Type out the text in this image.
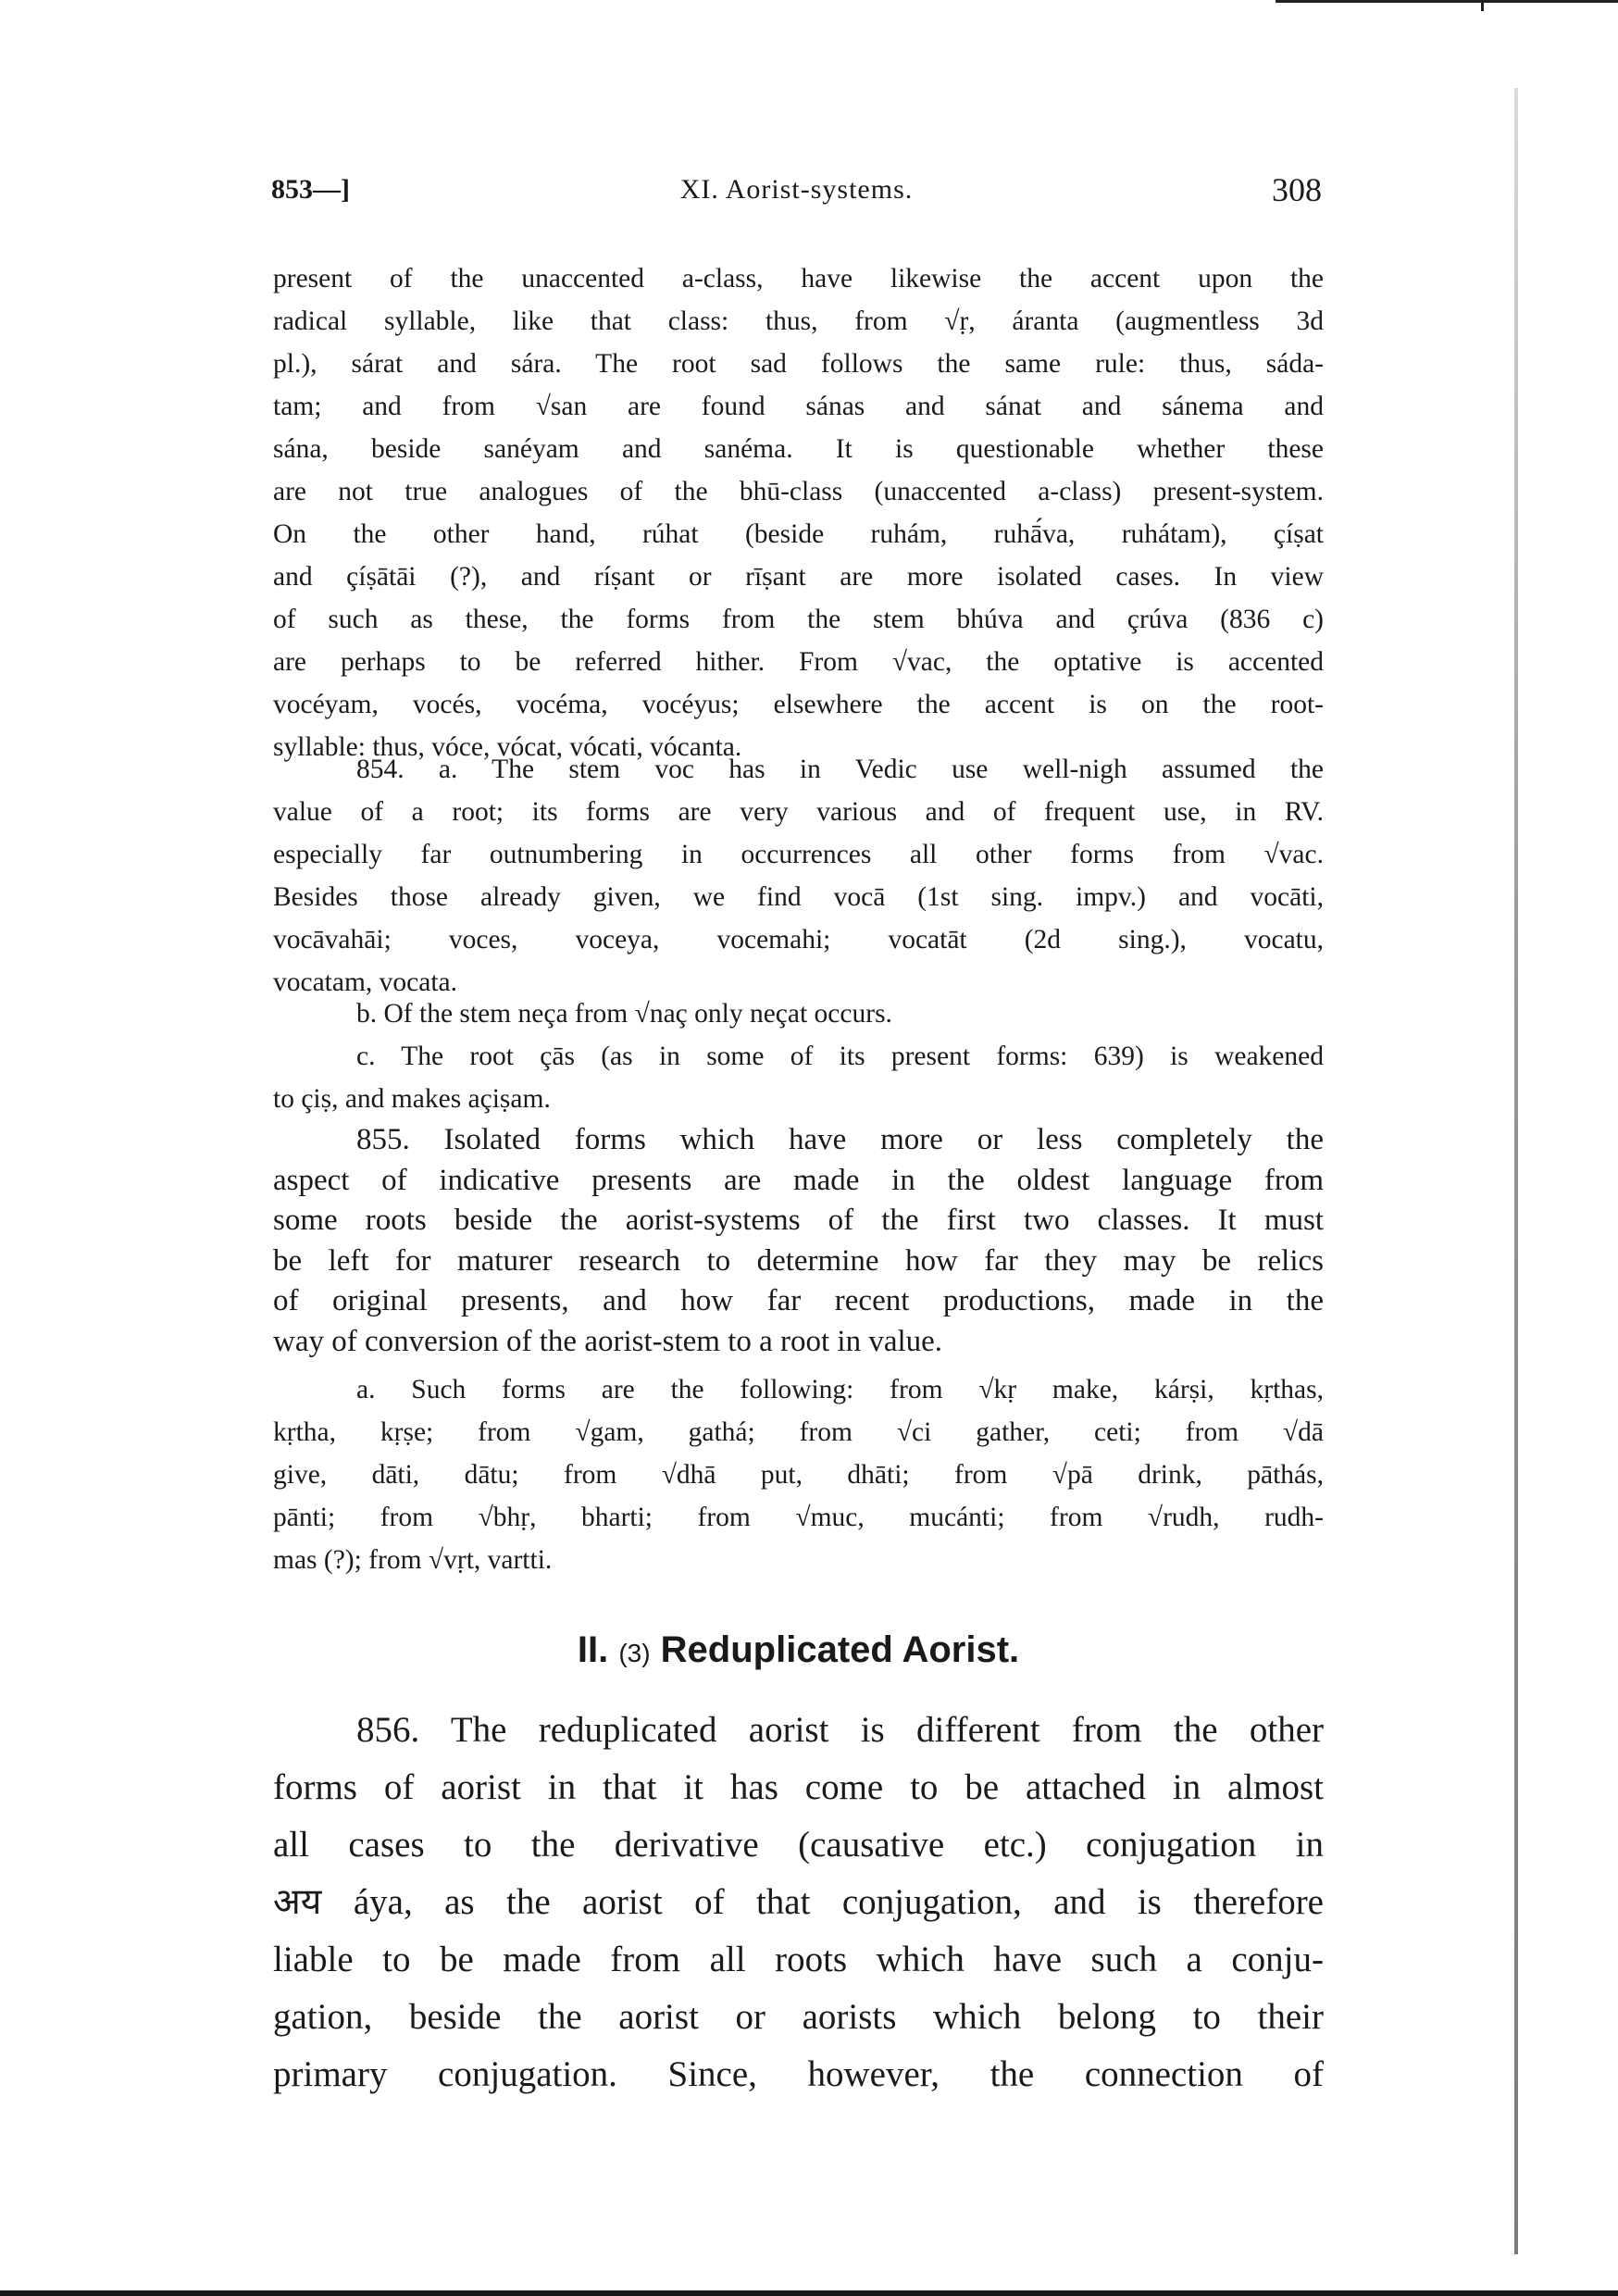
853—]	XI. Aorist-systems.	308
present of the unaccented a-class, have likewise the accent upon the
radical syllable, like that class: thus, from √ṛ, áranta (augmentless 3d
pl.), sárat and sára. The root sad follows the same rule: thus, sáda-
tam; and from √san are found sánas and sánat and sánema and
sána, beside sanéyam and sanéma. It is questionable whether these
are not true analogues of the bhū-class (unaccented a-class) present-system.
On the other hand, rúhat (beside ruhám, ruhā́va, ruhátam), çíṣat
and çíṣātāi (?), and ríṣant or rīṣant are more isolated cases. In view
of such as these, the forms from the stem bhúva and çrúva (836 c)
are perhaps to be referred hither. From √vac, the optative is accented
vocéyam, vocés, vocéma, vocéyus; elsewhere the accent is on the root-
syllable: thus, vóce, vócat, vócati, vócanta.
854. a. The stem voc has in Vedic use well-nigh assumed the
value of a root; its forms are very various and of frequent use, in RV.
especially far outnumbering in occurrences all other forms from √vac.
Besides those already given, we find vocā (1st sing. impv.) and vocāti,
vocāvahāi; voces, voceya, vocemahi; vocatāt (2d sing.), vocatu,
vocatam, vocata.
b. Of the stem neça from √naç only neçat occurs.
c. The root çās (as in some of its present forms: 639) is weakened
to çiṣ, and makes açiṣam.
855. Isolated forms which have more or less completely the
aspect of indicative presents are made in the oldest language from
some roots beside the aorist-systems of the first two classes. It must
be left for maturer research to determine how far they may be relics
of original presents, and how far recent productions, made in the
way of conversion of the aorist-stem to a root in value.
a. Such forms are the following: from √kṛ make, kárṣi, kṛthas,
kṛtha, kṛṣe; from √gam, gathá; from √ci gather, ceti; from √dā
give, dāti, dātu; from √dhā put, dhāti; from √pā drink, pāthás,
pānti; from √bhṛ, bharti; from √muc, mucánti; from √rudh, rudh-
mas (?); from √vṛt, vartti.
II. (3) Reduplicated Aorist.
856. The reduplicated aorist is different from the other
forms of aorist in that it has come to be attached in almost
all cases to the derivative (causative etc.) conjugation in
अय áya, as the aorist of that conjugation, and is therefore
liable to be made from all roots which have such a conju-
gation, beside the aorist or aorists which belong to their
primary conjugation. Since, however, the connection of
